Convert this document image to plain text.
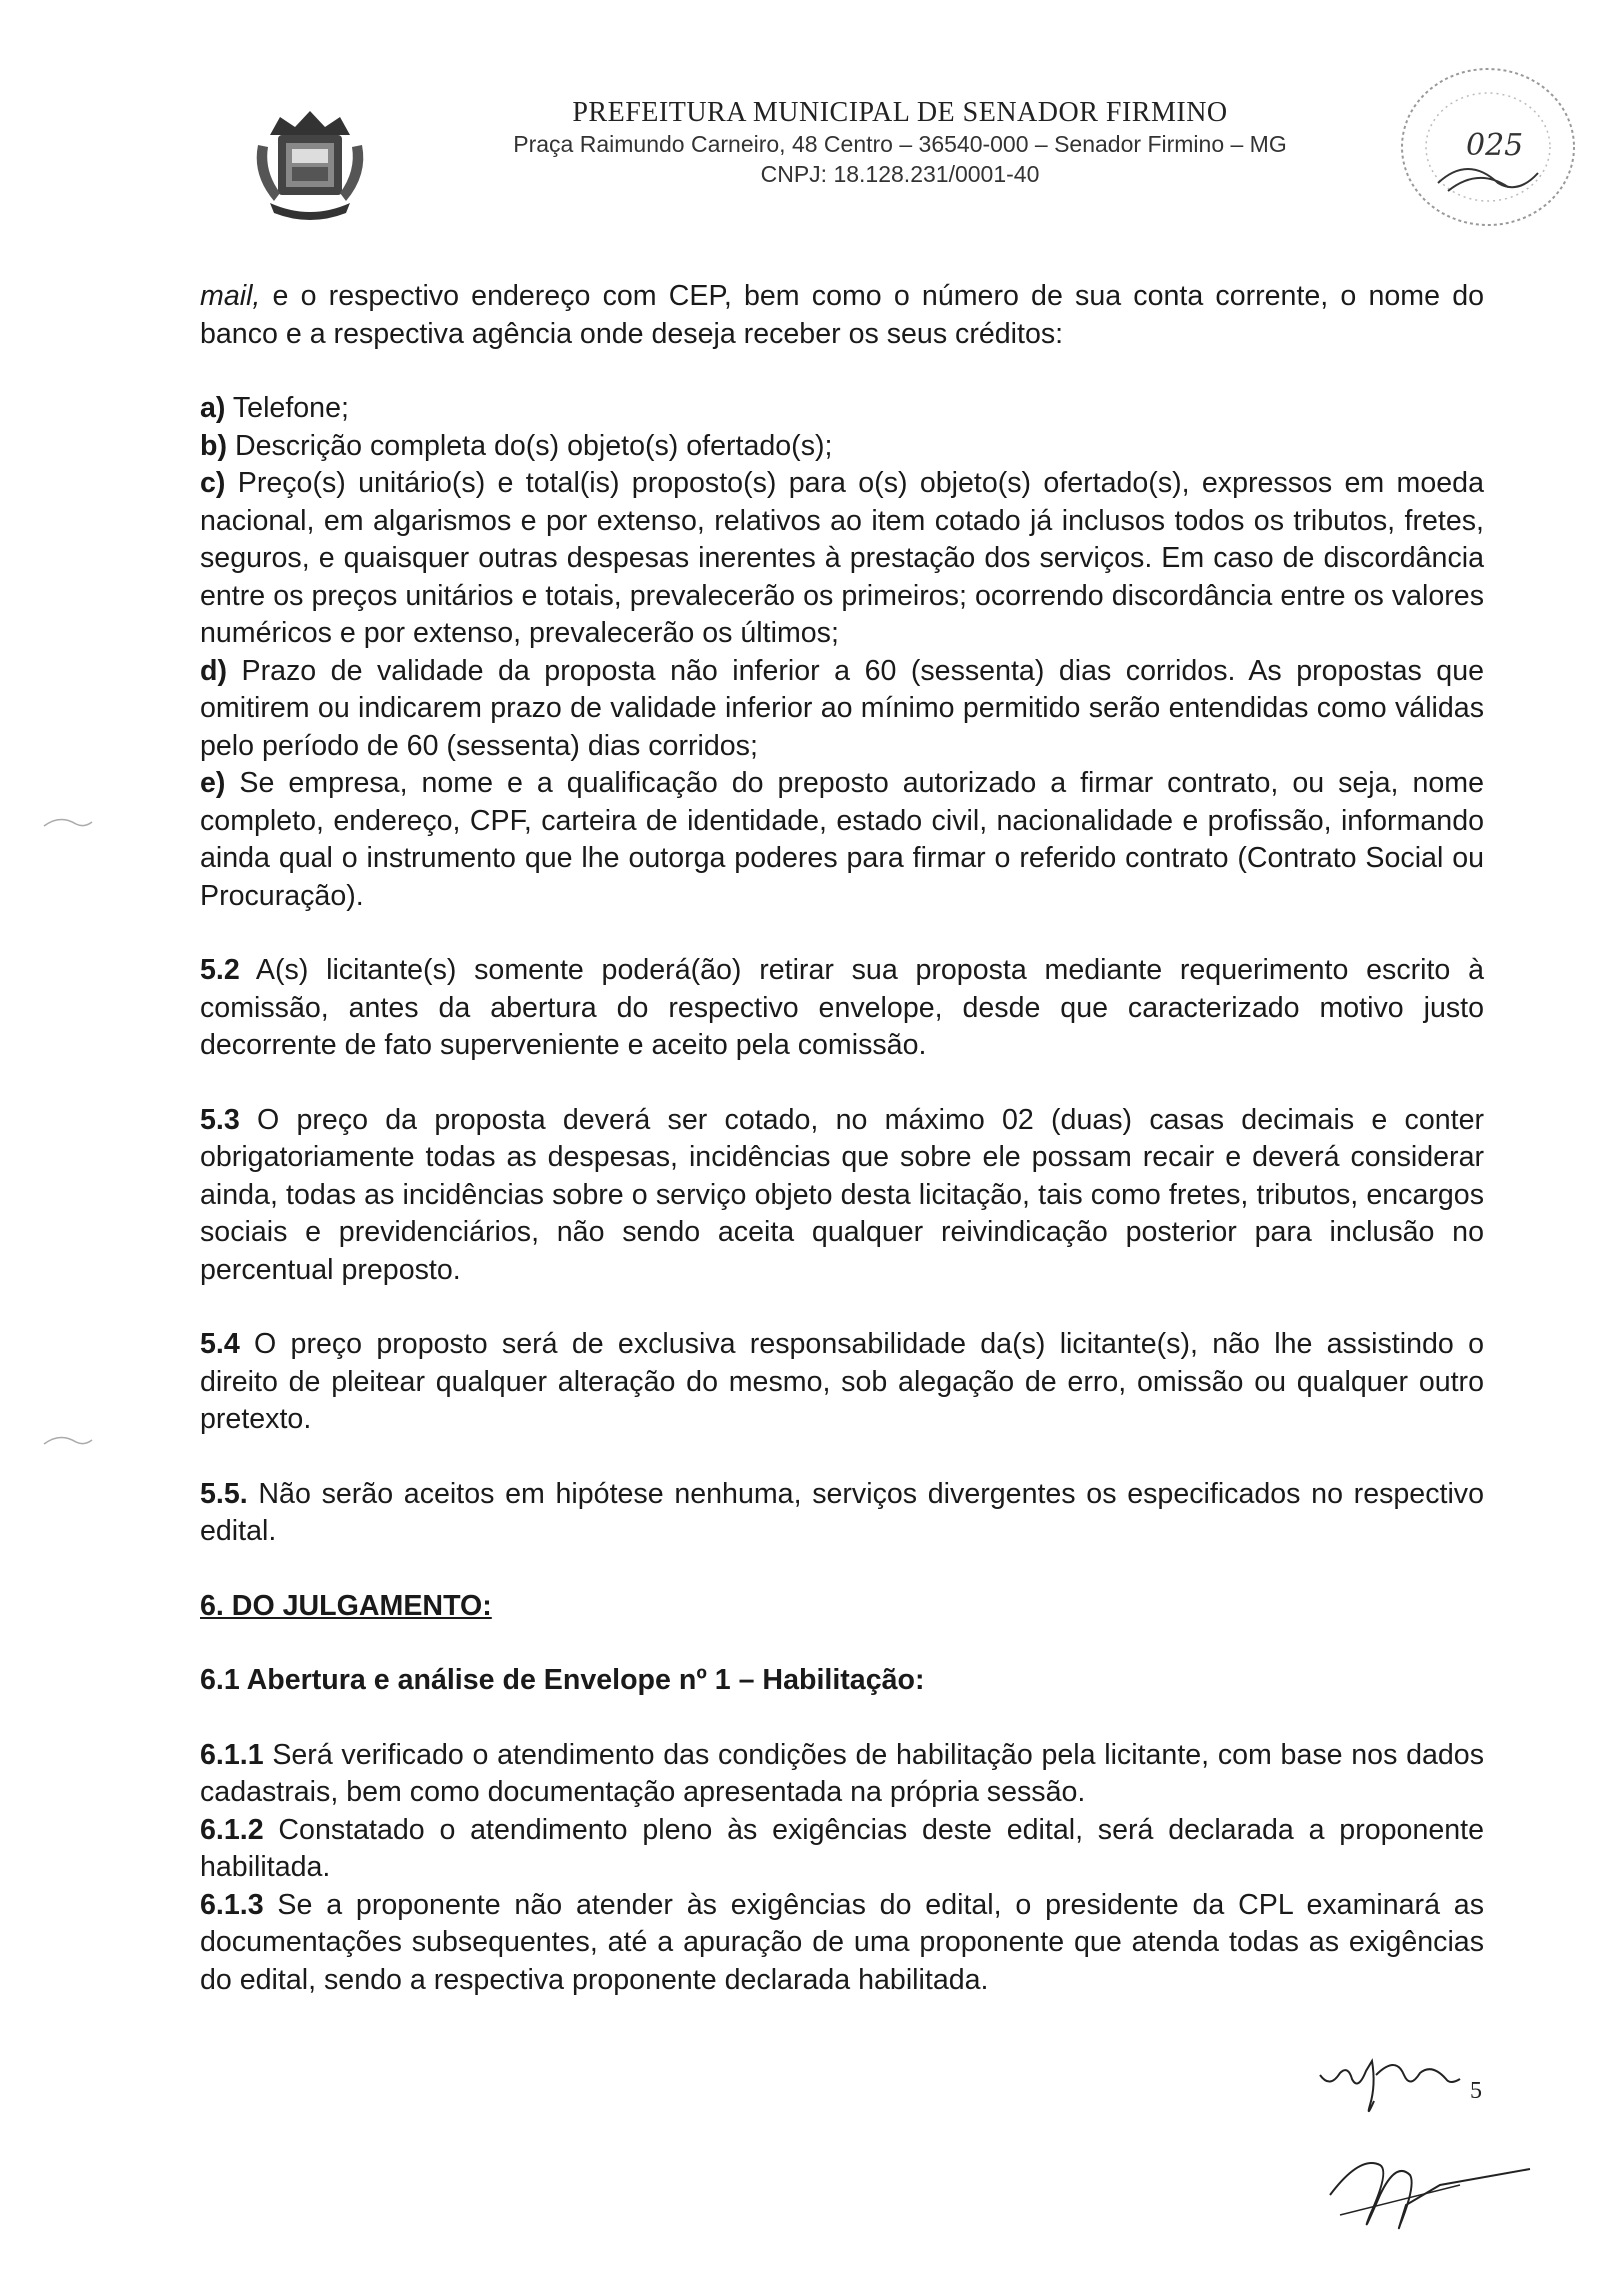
PREFEITURA MUNICIPAL DE SENADOR FIRMINO
Praça Raimundo Carneiro, 48 Centro – 36540-000 – Senador Firmino – MG
CNPJ: 18.128.231/0001-40
025

mail, e o respectivo endereço com CEP, bem como o número de sua conta corrente, o nome do banco e a respectiva agência onde deseja receber os seus créditos:

a) Telefone;

b) Descrição completa do(s) objeto(s) ofertado(s);

c) Preço(s) unitário(s) e total(is) proposto(s) para o(s) objeto(s) ofertado(s), expressos em moeda nacional, em algarismos e por extenso, relativos ao item cotado já inclusos todos os tributos, fretes, seguros, e quaisquer outras despesas inerentes à prestação dos serviços. Em caso de discordância entre os preços unitários e totais, prevalecerão os primeiros; ocorrendo discordância entre os valores numéricos e por extenso, prevalecerão os últimos;

d) Prazo de validade da proposta não inferior a 60 (sessenta) dias corridos. As propostas que omitirem ou indicarem prazo de validade inferior ao mínimo permitido serão entendidas como válidas pelo período de 60 (sessenta) dias corridos;

e) Se empresa, nome e a qualificação do preposto autorizado a firmar contrato, ou seja, nome completo, endereço, CPF, carteira de identidade, estado civil, nacionalidade e profissão, informando ainda qual o instrumento que lhe outorga poderes para firmar o referido contrato (Contrato Social ou Procuração).

5.2 A(s) licitante(s) somente poderá(ão) retirar sua proposta mediante requerimento escrito à comissão, antes da abertura do respectivo envelope, desde que caracterizado motivo justo decorrente de fato superveniente e aceito pela comissão.

5.3 O preço da proposta deverá ser cotado, no máximo 02 (duas) casas decimais e conter obrigatoriamente todas as despesas, incidências que sobre ele possam recair e deverá considerar ainda, todas as incidências sobre o serviço objeto desta licitação, tais como fretes, tributos, encargos sociais e previdenciários, não sendo aceita qualquer reivindicação posterior para inclusão no percentual preposto.

5.4 O preço proposto será de exclusiva responsabilidade da(s) licitante(s), não lhe assistindo o direito de pleitear qualquer alteração do mesmo, sob alegação de erro, omissão ou qualquer outro pretexto.

5.5. Não serão aceitos em hipótese nenhuma, serviços divergentes os especificados no respectivo edital.

6. DO JULGAMENTO:

6.1 Abertura e análise de Envelope nº 1 – Habilitação:

6.1.1 Será verificado o atendimento das condições de habilitação pela licitante, com base nos dados cadastrais, bem como documentação apresentada na própria sessão.

6.1.2 Constatado o atendimento pleno às exigências deste edital, será declarada a proponente habilitada.

6.1.3 Se a proponente não atender às exigências do edital, o presidente da CPL examinará as documentações subsequentes, até a apuração de uma proponente que atenda todas as exigências do edital, sendo a respectiva proponente declarada habilitada.

5
